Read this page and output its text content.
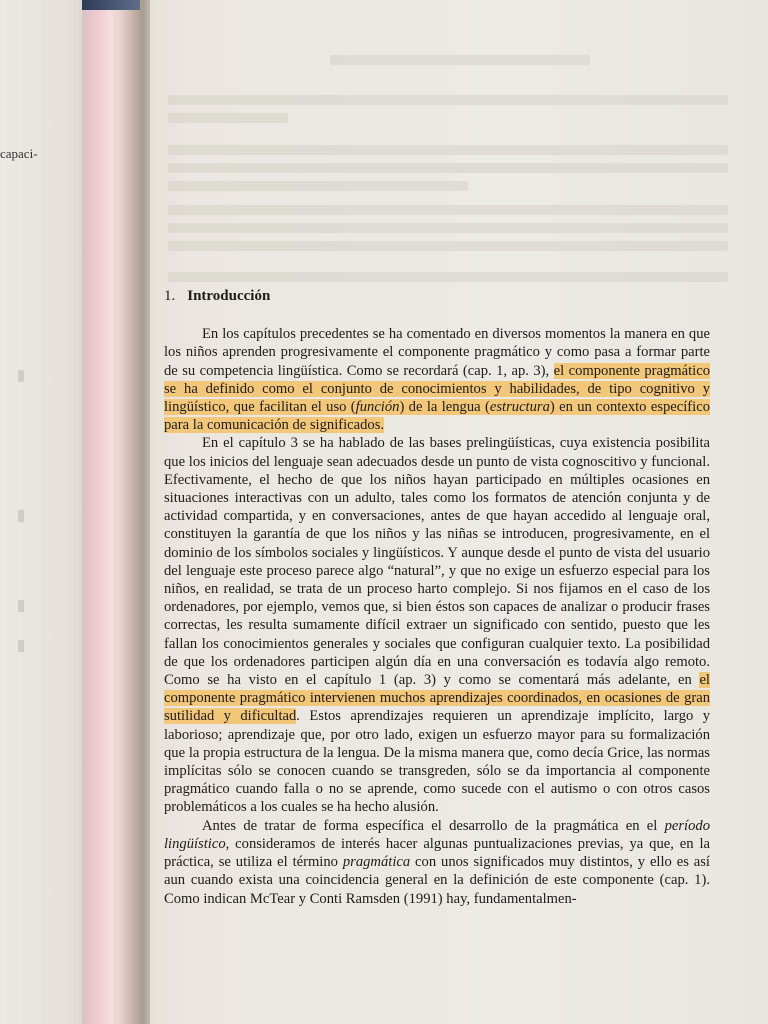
capaci-
1. Introducción

En los capítulos precedentes se ha comentado en diversos momentos la manera en que los niños aprenden progresivamente el componente pragmático y como pasa a formar parte de su competencia lingüística. Como se recordará (cap. 1, ap. 3), el componente pragmático se ha definido como el conjunto de conocimientos y habilidades, de tipo cognitivo y lingüístico, que facilitan el uso (función) de la lengua (estructura) en un contexto específico para la comunicación de significados.

En el capítulo 3 se ha hablado de las bases prelingüísticas, cuya existencia posibilita que los inicios del lenguaje sean adecuados desde un punto de vista cognoscitivo y funcional. Efectivamente, el hecho de que los niños hayan participado en múltiples ocasiones en situaciones interactivas con un adulto, tales como los formatos de atención conjunta y de actividad compartida, y en conversaciones, antes de que hayan accedido al lenguaje oral, constituyen la garantía de que los niños y las niñas se introducen, progresivamente, en el dominio de los símbolos sociales y lingüísticos. Y aunque desde el punto de vista del usuario del lenguaje este proceso parece algo “natural”, y que no exige un esfuerzo especial para los niños, en realidad, se trata de un proceso harto complejo. Si nos fijamos en el caso de los ordenadores, por ejemplo, vemos que, si bien éstos son capaces de analizar o producir frases correctas, les resulta sumamente difícil extraer un significado con sentido, puesto que les fallan los conocimientos generales y sociales que configuran cualquier texto. La posibilidad de que los ordenadores participen algún día en una conversación es todavía algo remoto. Como se ha visto en el capítulo 1 (ap. 3) y como se comentará más adelante, en el componente pragmático intervienen muchos aprendizajes coordinados, en ocasiones de gran sutilidad y dificultad. Estos aprendizajes requieren un aprendizaje implícito, largo y laborioso; aprendizaje que, por otro lado, exigen un esfuerzo mayor para su formalización que la propia estructura de la lengua. De la misma manera que, como decía Grice, las normas implícitas sólo se conocen cuando se transgreden, sólo se da importancia al componente pragmático cuando falla o no se aprende, como sucede con el autismo o con otros casos problemáticos a los cuales se ha hecho alusión.

Antes de tratar de forma específica el desarrollo de la pragmática en el período lingüístico, consideramos de interés hacer algunas puntualizaciones previas, ya que, en la práctica, se utiliza el término pragmática con unos significados muy distintos, y ello es así aun cuando exista una coincidencia general en la definición de este componente (cap. 1). Como indican McTear y Conti Ramsden (1991) hay, fundamentalmen-
